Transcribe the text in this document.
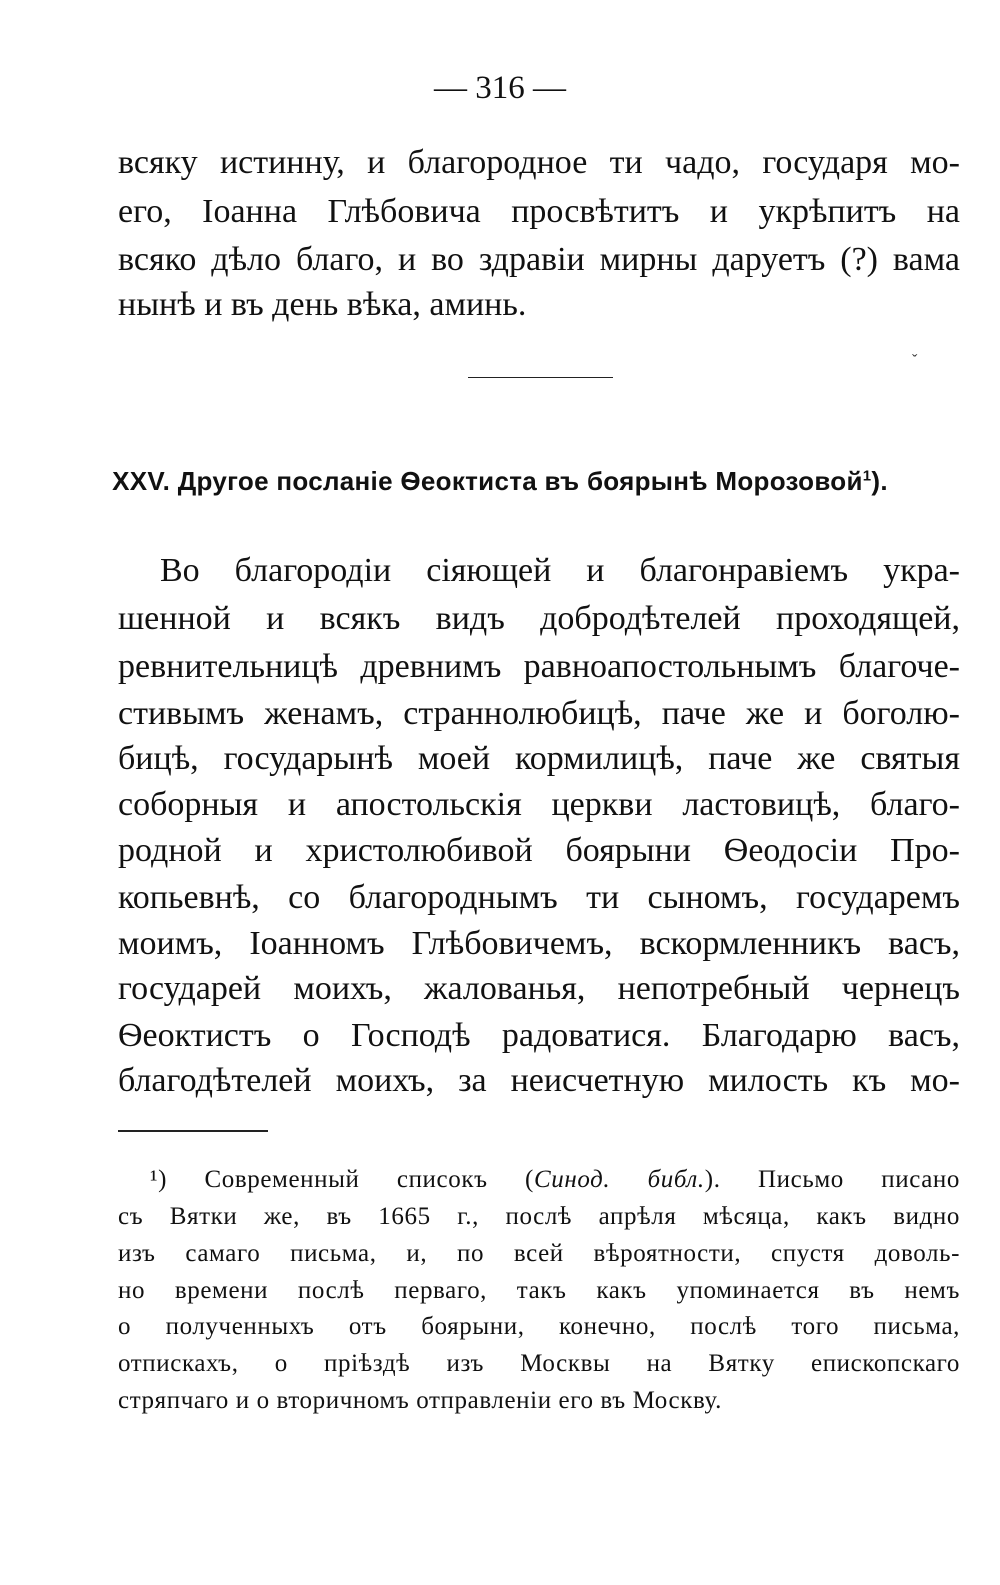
— 316 —
всяку истинну, и благородное ти чадо, государя мо-
его, Іоанна Глѣбовича просвѣтитъ и укрѣпитъ на
всяко дѣло благо, и во здравіи мирны даруетъ (?) вама
нынѣ и въ день вѣка, аминь.
ˇ
XXV. Другое посланіе Ѳеоктиста въ боярынѣ Морозовой$^1$).
Во благородіи сіяющей и благонравіемъ укра-
шенной и всякъ видъ добродѣтелей проходящей,
ревнительницѣ древнимъ равноапостольнымъ благоче-
стивымъ женамъ, страннолюбицѣ, паче же и боголю-
бицѣ, государынѣ моей кормилицѣ, паче же святыя
соборныя и апостольскія церкви ластовицѣ, благо-
родной и христолюбивой боярыни Ѳеодосіи Про-
копьевнѣ, со благороднымъ ти сыномъ, государемъ
моимъ, Іоанномъ Глѣбовичемъ, вскормленникъ васъ,
государей моихъ, жалованья, непотребный чернецъ
Ѳеоктистъ о Господѣ радоватися. Благодарю васъ,
благодѣтелей моихъ, за неисчетную милость къ мо-
¹) Современный списокъ (Синод. библ.). Письмо писано
съ Вятки же, въ 1665 г., послѣ апрѣля мѣсяца, какъ видно
изъ самаго письма, и, по всей вѣроятности, спустя доволь-
но времени послѣ перваго, такъ какъ упоминается въ немъ
о полученныхъ отъ боярыни, конечно, послѣ того письма,
отпискахъ, о пріѣздѣ изъ Москвы на Вятку епископскаго
стряпчаго и о вторичномъ отправленіи его въ Москву.
